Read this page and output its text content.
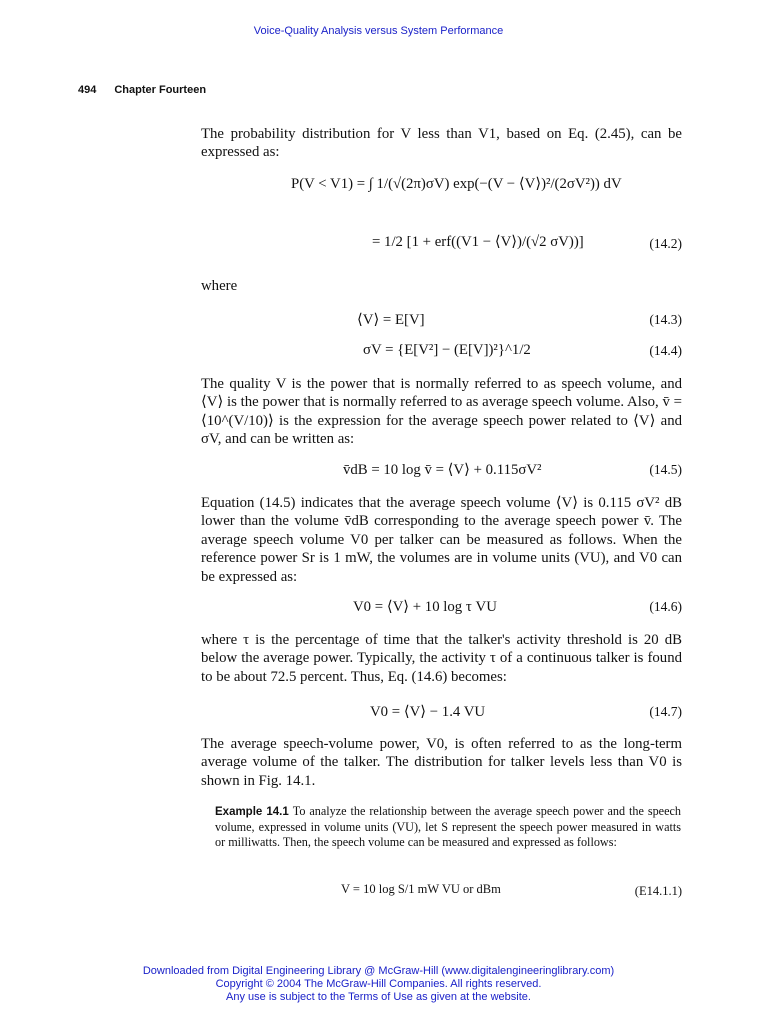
Voice-Quality Analysis versus System Performance
494 Chapter Fourteen
The probability distribution for V less than V1, based on Eq. (2.45), can be expressed as:
P(V < V1) = ∫ 1/(√(2π)σV) exp(−(V − ⟨V⟩)²/(2σV²)) dV
= 1/2 [1 + erf((V1 − ⟨V⟩)/(√2 σV))]	(14.2)
where
⟨V⟩ = E[V]	(14.3)
σV = {E[V²] − (E[V])²}^1/2	(14.4)
The quality V is the power that is normally referred to as speech volume, and ⟨V⟩ is the power that is normally referred to as average speech volume. Also, v̄ = ⟨10^(V/10)⟩ is the expression for the average speech power related to ⟨V⟩ and σV, and can be written as:
v̄dB = 10 log v̄ = ⟨V⟩ + 0.115σV²	(14.5)
Equation (14.5) indicates that the average speech volume ⟨V⟩ is 0.115 σV² dB lower than the volume v̄dB corresponding to the average speech power v̄. The average speech volume V0 per talker can be measured as follows. When the reference power Sr is 1 mW, the volumes are in volume units (VU), and V0 can be expressed as:
V0 = ⟨V⟩ + 10 log τ VU	(14.6)
where τ is the percentage of time that the talker's activity threshold is 20 dB below the average power. Typically, the activity τ of a continuous talker is found to be about 72.5 percent. Thus, Eq. (14.6) becomes:
V0 = ⟨V⟩ − 1.4 VU	(14.7)
The average speech-volume power, V0, is often referred to as the long-term average volume of the talker. The distribution for talker levels less than V0 is shown in Fig. 14.1.
Example 14.1 To analyze the relationship between the average speech power and the speech volume, expressed in volume units (VU), let S represent the speech power measured in watts or milliwatts. Then, the speech volume can be measured and expressed as follows:
V = 10 log S/1 mW VU or dBm	(E14.1.1)
Downloaded from Digital Engineering Library @ McGraw-Hill (www.digitalengineeringlibrary.com)
Copyright © 2004 The McGraw-Hill Companies. All rights reserved.
Any use is subject to the Terms of Use as given at the website.
